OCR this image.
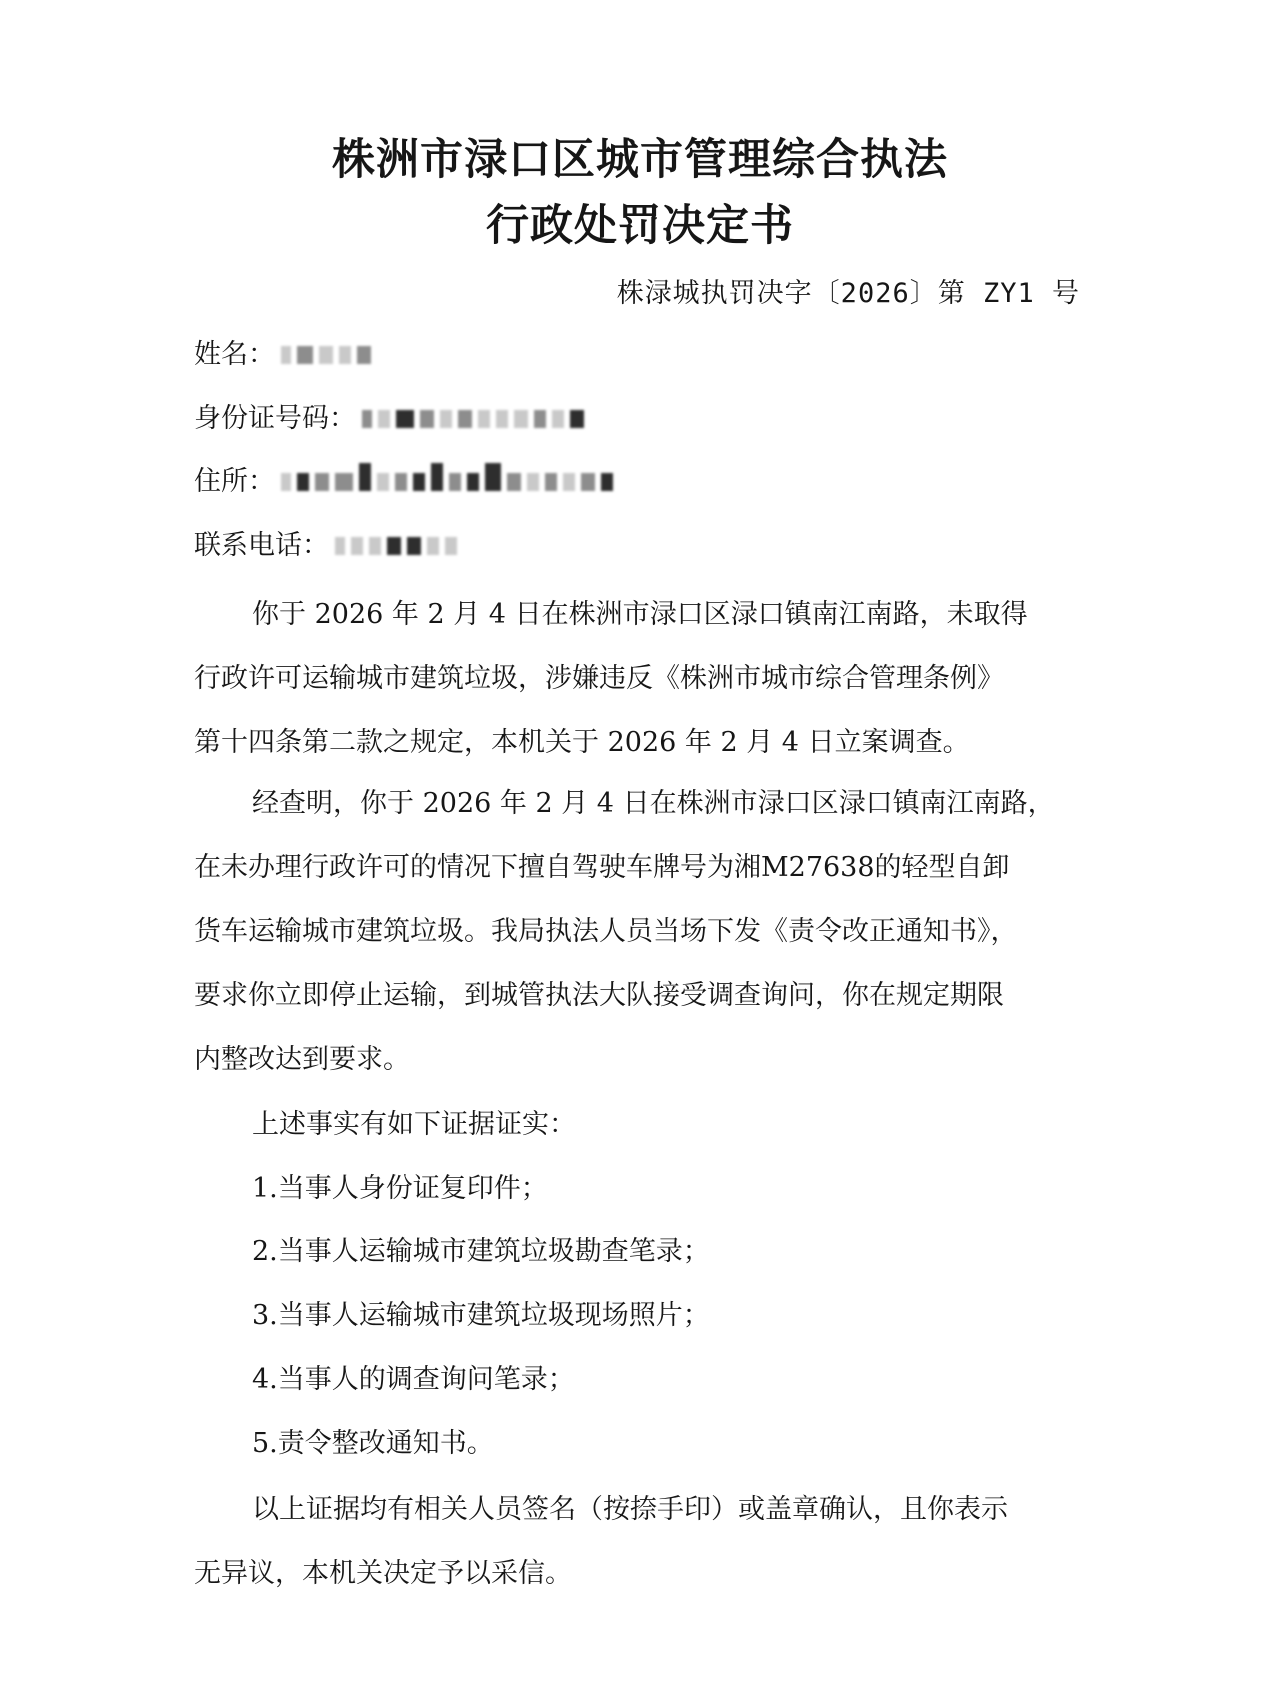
株洲市渌口区城市管理综合执法
行政处罚决定书
株渌城执罚决字〔2026〕第 ZY1 号
姓名：
身份证号码：
住所：
联系电话：
你于 2026 年 2 月 4 日在株洲市渌口区渌口镇南江南路，未取得
行政许可运输城市建筑垃圾，涉嫌违反《株洲市城市综合管理条例》
第十四条第二款之规定，本机关于 2026 年 2 月 4 日立案调查。
经查明，你于 2026 年 2 月 4 日在株洲市渌口区渌口镇南江南路，
在未办理行政许可的情况下擅自驾驶车牌号为湘M27638的轻型自卸
货车运输城市建筑垃圾。我局执法人员当场下发《责令改正通知书》，
要求你立即停止运输，到城管执法大队接受调查询问，你在规定期限
内整改达到要求。
上述事实有如下证据证实：
1.当事人身份证复印件；
2.当事人运输城市建筑垃圾勘查笔录；
3.当事人运输城市建筑垃圾现场照片；
4.当事人的调查询问笔录；
5.责令整改通知书。
以上证据均有相关人员签名（按捺手印）或盖章确认，且你表示
无异议，本机关决定予以采信。
